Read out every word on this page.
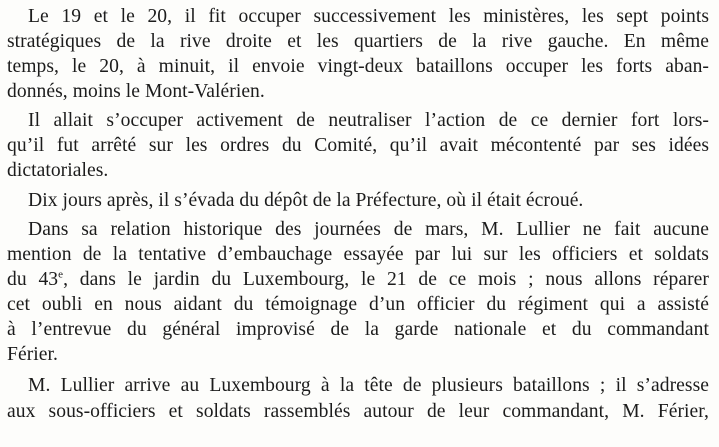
Le 19 et le 20, il fit occuper successivement les ministères, les sept points
stratégiques de la rive droite et les quartiers de la rive gauche. En même
temps, le 20, à minuit, il envoie vingt-deux bataillons occuper les forts aban-
donnés, moins le Mont-Valérien.
Il allait s’occuper activement de neutraliser l’action de ce dernier fort lors-
qu’il fut arrêté sur les ordres du Comité, qu’il avait mécontenté par ses idées
dictatoriales.
Dix jours après, il s’évada du dépôt de la Préfecture, où il était écroué.
Dans sa relation historique des journées de mars, M. Lullier ne fait aucune
mention de la tentative d’embauchage essayée par lui sur les officiers et soldats
du 43e, dans le jardin du Luxembourg, le 21 de ce mois ; nous allons réparer
cet oubli en nous aidant du témoignage d’un officier du régiment qui a assisté
à l’entrevue du général improvisé de la garde nationale et du commandant
Férier.
M. Lullier arrive au Luxembourg à la tête de plusieurs bataillons ; il s’adresse
aux sous-officiers et soldats rassemblés autour de leur commandant, M. Férier,
